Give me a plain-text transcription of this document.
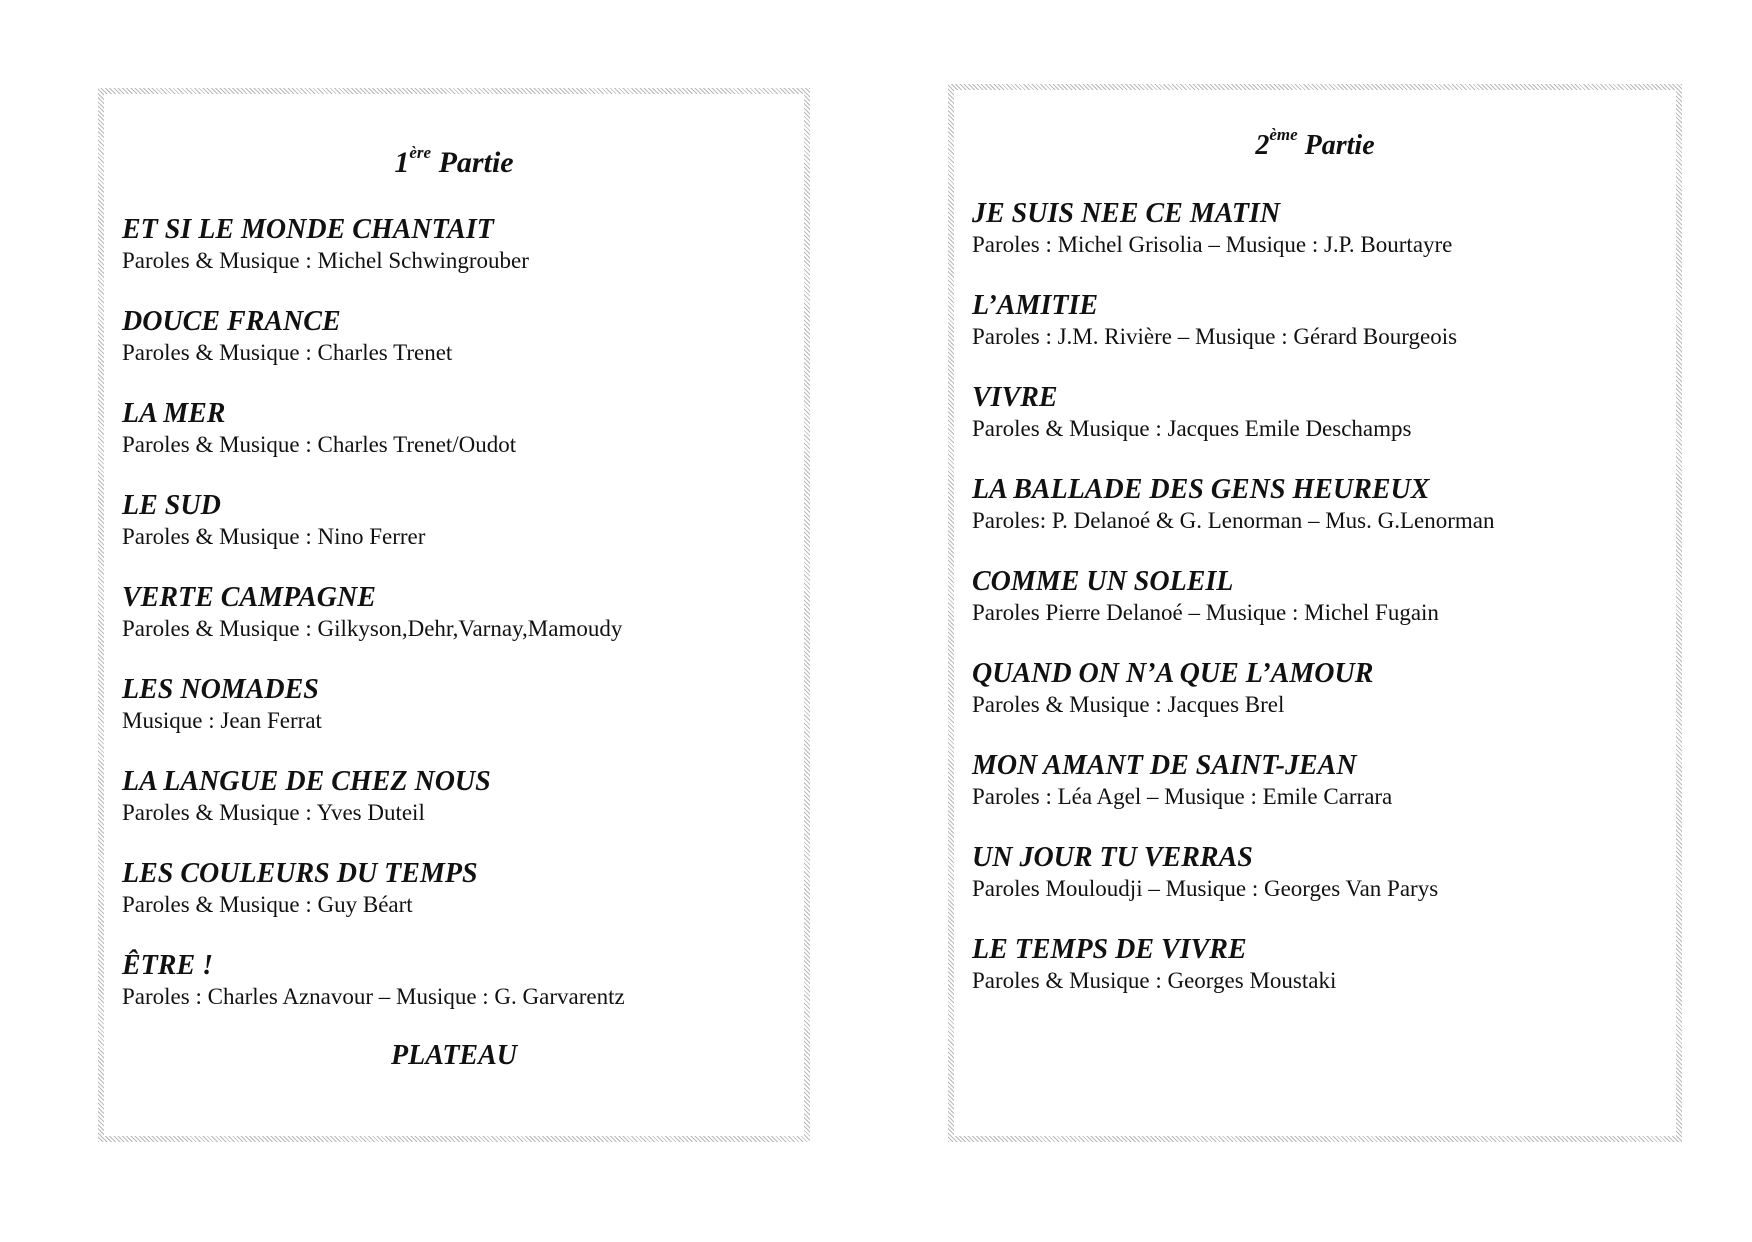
1ère Partie
ET SI LE MONDE CHANTAIT
Paroles & Musique : Michel Schwingrouber
DOUCE FRANCE
Paroles & Musique : Charles Trenet
LA MER
Paroles & Musique : Charles Trenet/Oudot
LE SUD
Paroles & Musique : Nino Ferrer
VERTE CAMPAGNE
Paroles & Musique : Gilkyson,Dehr,Varnay,Mamoudy
LES NOMADES
Musique : Jean Ferrat
LA LANGUE DE CHEZ NOUS
Paroles & Musique : Yves Duteil
LES COULEURS DU TEMPS
Paroles & Musique : Guy Béart
ÊTRE !
Paroles : Charles Aznavour – Musique : G. Garvarentz

PLATEAU

2ème Partie
JE SUIS NEE CE MATIN
Paroles : Michel Grisolia – Musique : J.P. Bourtayre
L’AMITIE
Paroles : J.M. Rivière – Musique : Gérard Bourgeois
VIVRE
Paroles & Musique : Jacques Emile Deschamps
LA BALLADE DES GENS HEUREUX
Paroles: P. Delanoé & G. Lenorman – Mus. G.Lenorman
COMME UN SOLEIL
Paroles Pierre Delanoé – Musique : Michel Fugain
QUAND ON N’A QUE L’AMOUR
Paroles & Musique : Jacques Brel
MON AMANT DE SAINT-JEAN
Paroles : Léa Agel – Musique : Emile Carrara
UN JOUR TU VERRAS
Paroles Mouloudji – Musique : Georges Van Parys
LE TEMPS DE VIVRE
Paroles & Musique : Georges Moustaki
